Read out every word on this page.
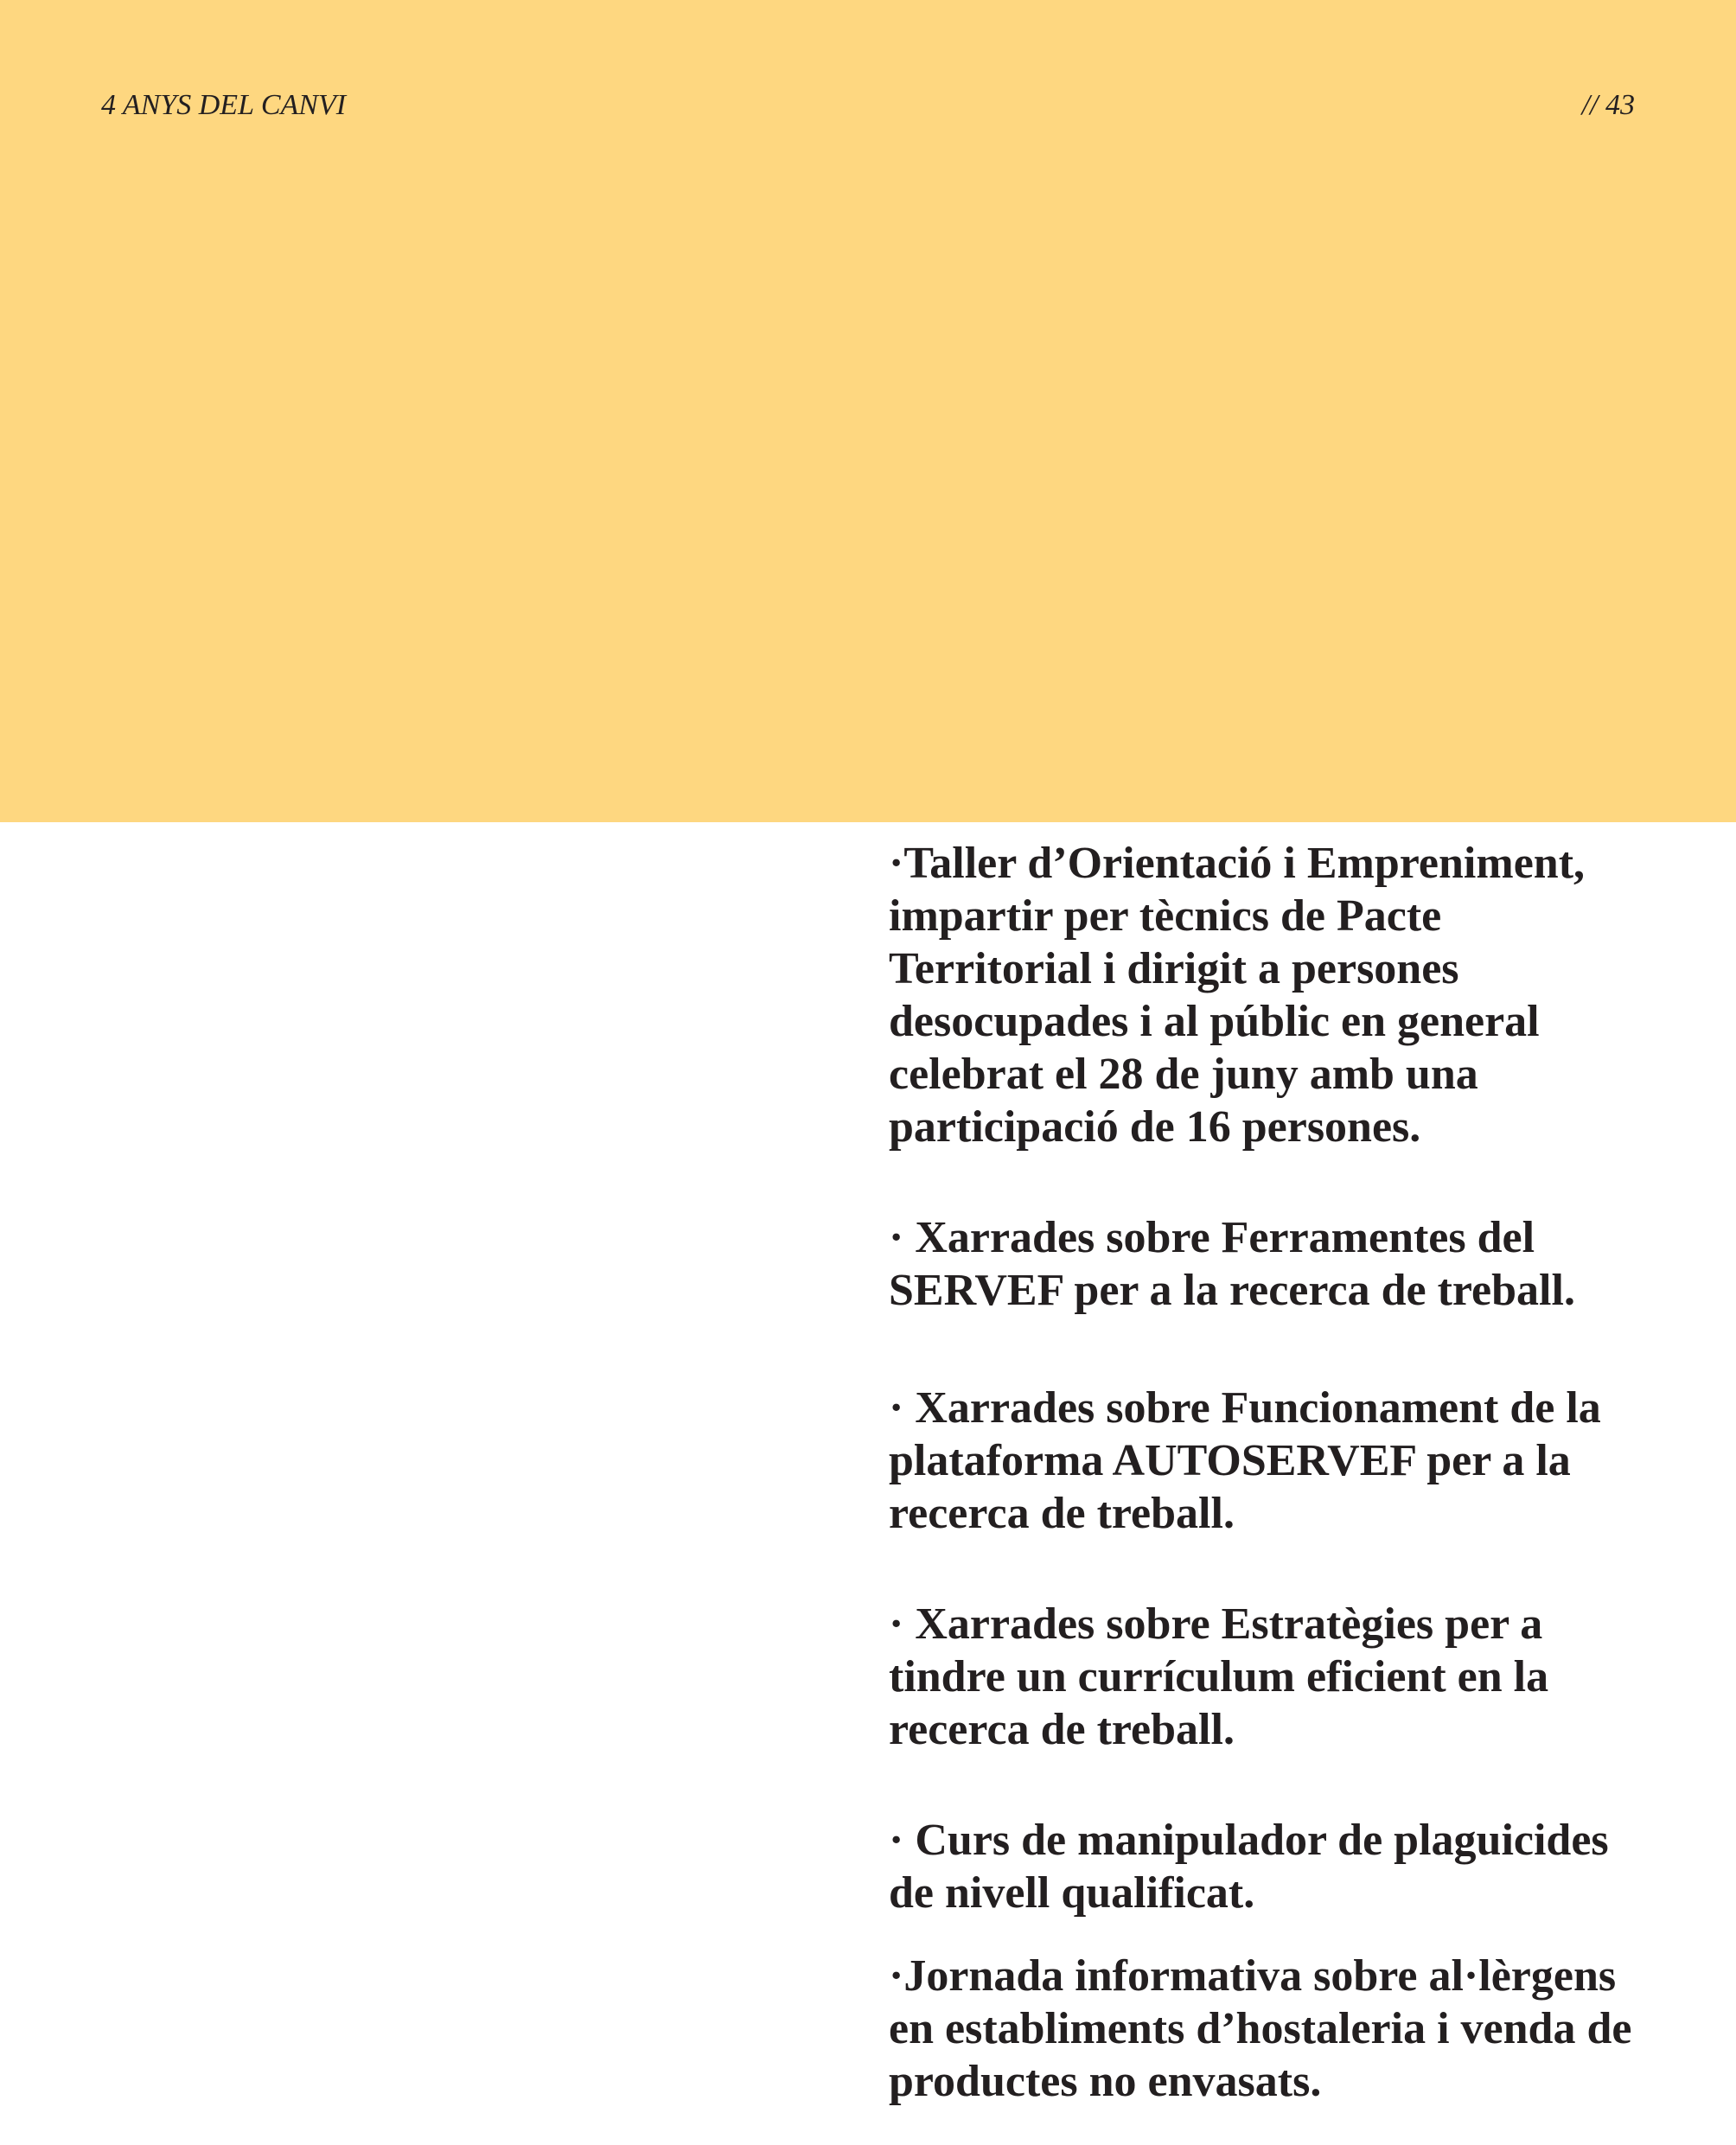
4 ANYS DEL CANVI	// 43

·Taller d’Orientació i Empreniment, impartir per tècnics de Pacte Territorial i dirigit a persones desocupades i al públic en general celebrat el 28 de juny amb una participació de 16 persones.

· Xarrades sobre Ferramentes del SERVEF per a la recerca de treball.

· Xarrades sobre Funcionament de la plataforma AUTOSERVEF per a la recerca de treball.

· Xarrades sobre Estratègies per a tindre un currículum eficient en la recerca de treball.

· Curs de manipulador de plaguicides de nivell qualificat.

·Jornada informativa sobre al·lèrgens en establiments d’hostaleria i venda de productes no envasats.
